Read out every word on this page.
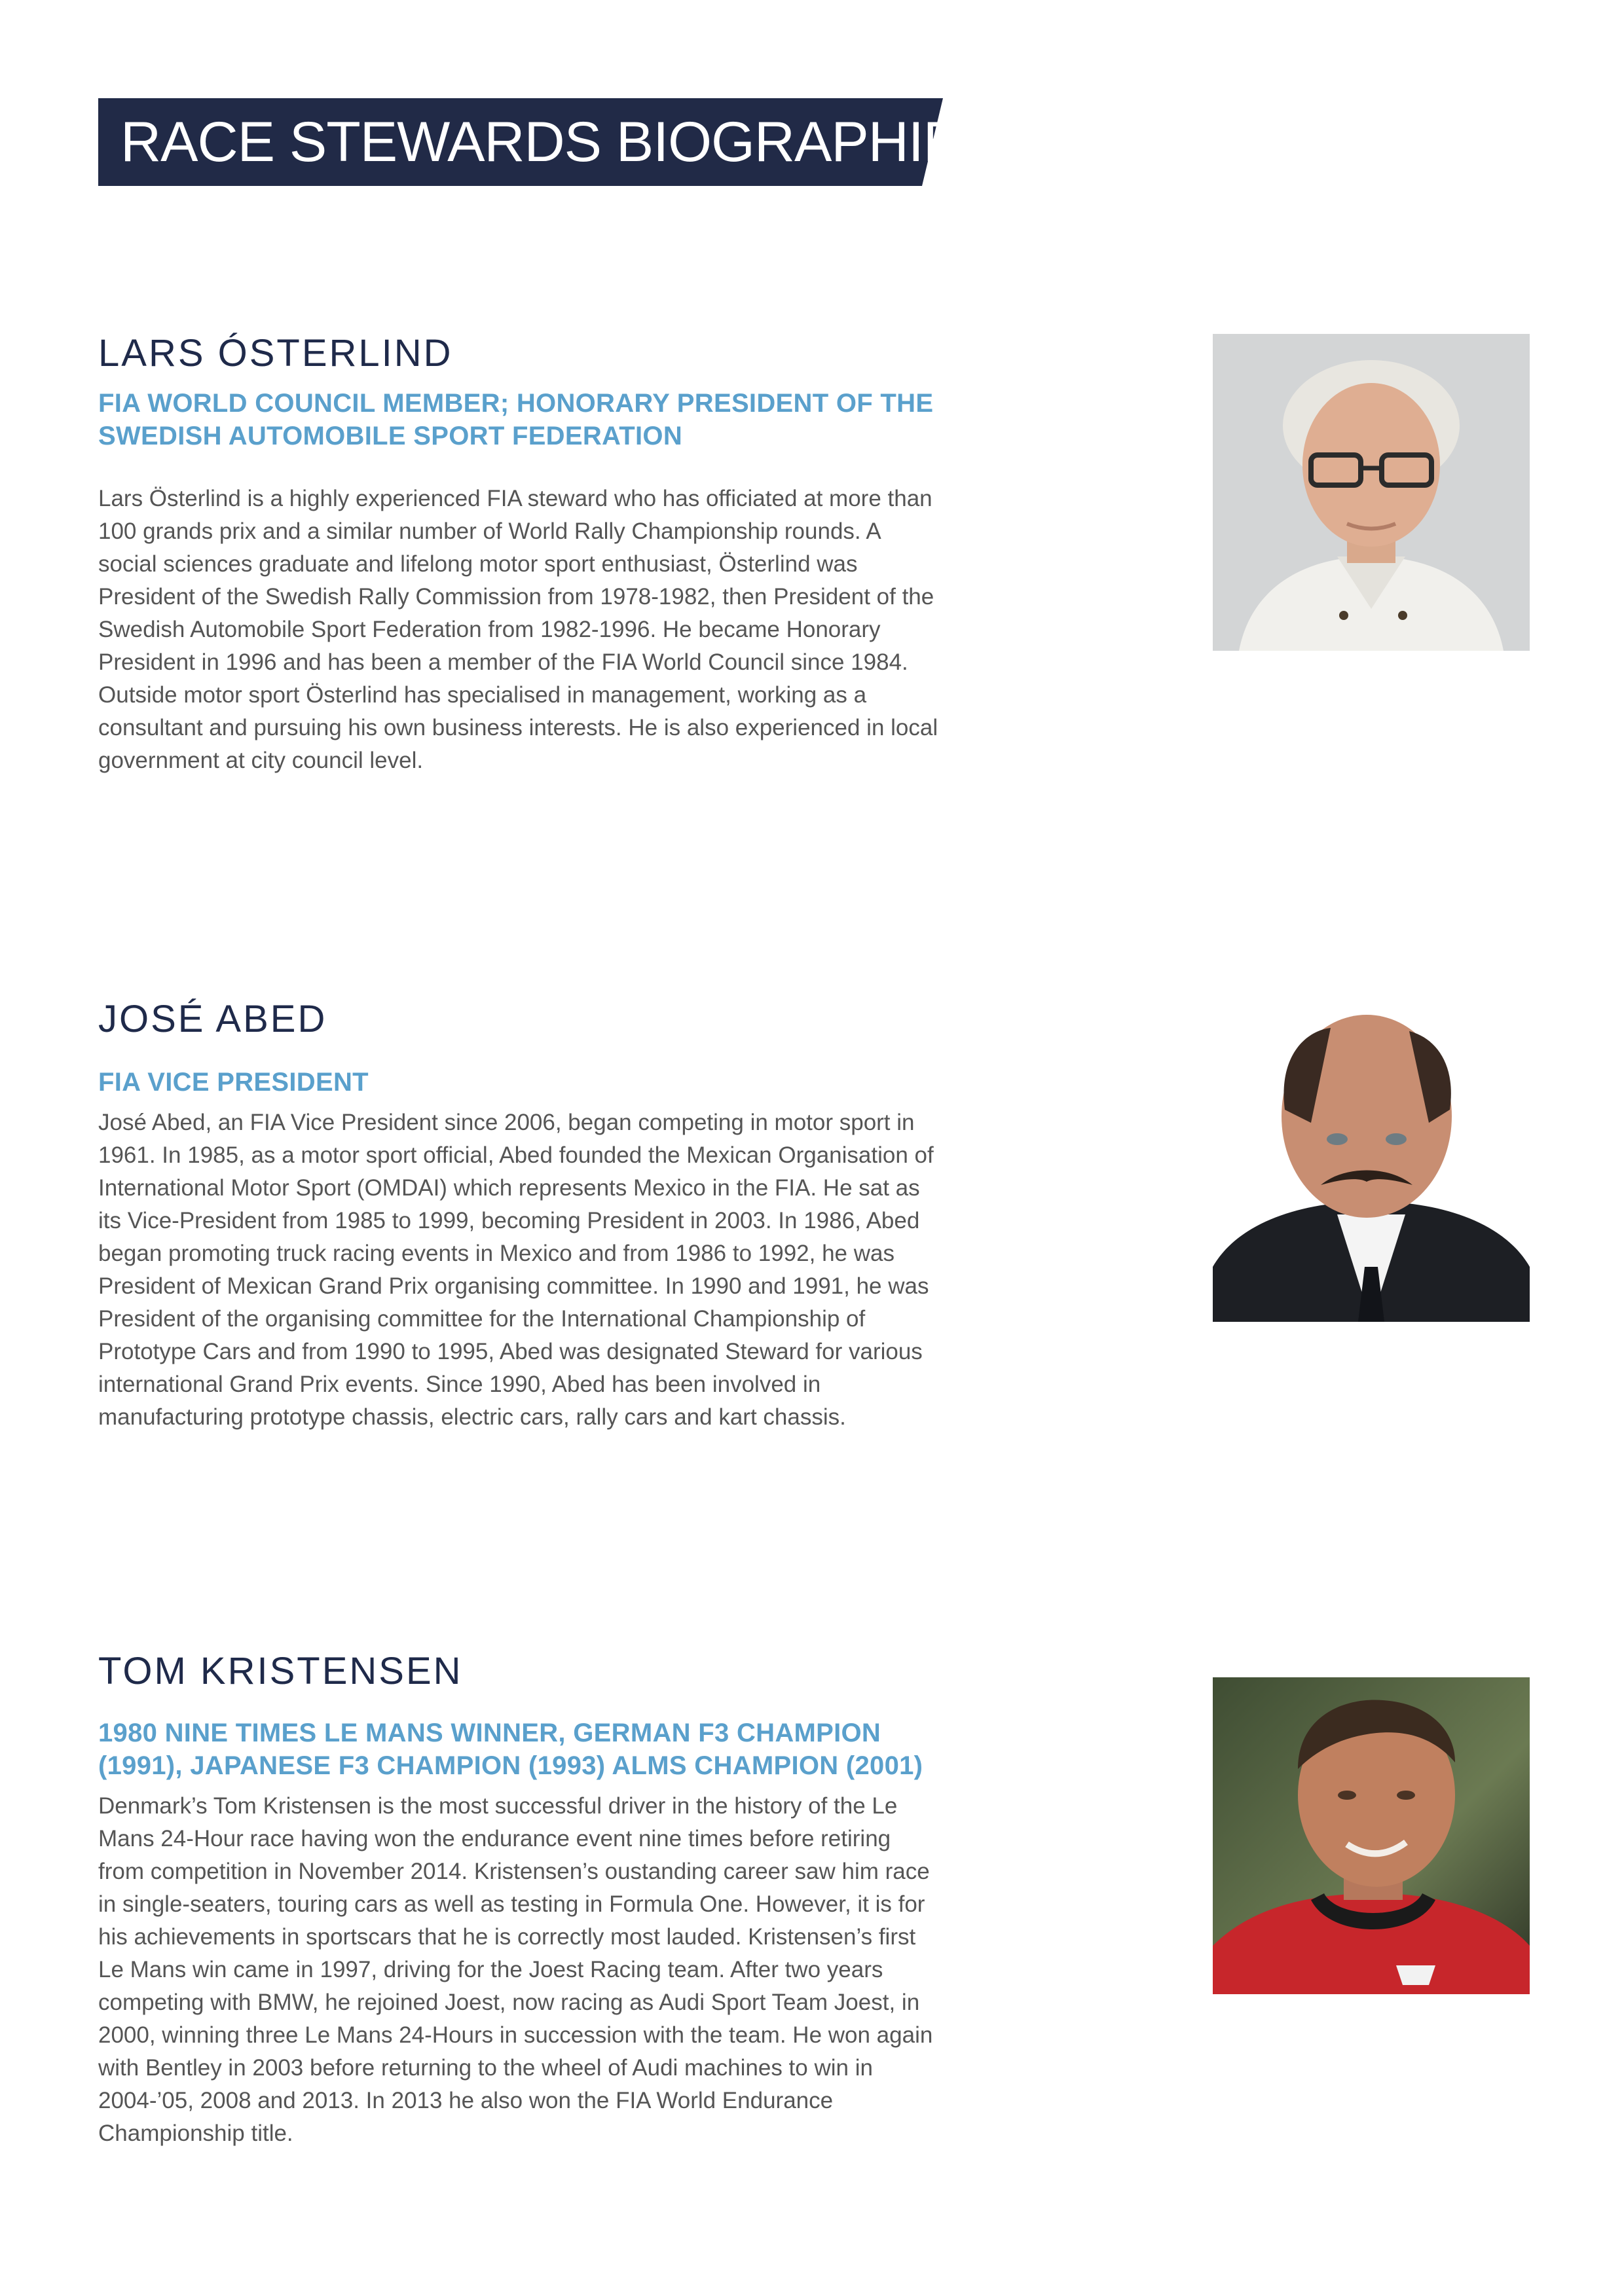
RACE STEWARDS BIOGRAPHIES
LARS ÓSTERLIND
FIA WORLD COUNCIL MEMBER; HONORARY PRESIDENT OF THE SWEDISH AUTOMOBILE SPORT FEDERATION

Lars Österlind is a highly experienced FIA steward who has officiated at more than 100 grands prix and a similar number of World Rally Championship rounds. A social sciences graduate and lifelong motor sport enthusiast, Österlind was President of the Swedish Rally Commission from 1978-1982, then President of the Swedish Automobile Sport Federation from 1982-1996. He became Honorary President in 1996 and has been a member of the FIA World Council since 1984. Outside motor sport Österlind has specialised in management, working as a consultant and pursuing his own business interests. He is also experienced in local government at city council level.

JOSÉ ABED
FIA VICE PRESIDENT

José Abed, an FIA Vice President since 2006, began competing in motor sport in 1961. In 1985, as a motor sport official, Abed founded the Mexican Organisation of International Motor Sport (OMDAI) which represents Mexico in the FIA. He sat as its Vice-President from 1985 to 1999, becoming President in 2003. In 1986, Abed began promoting truck racing events in Mexico and from 1986 to 1992, he was President of Mexican Grand Prix organising committee. In 1990 and 1991, he was President of the organising committee for the International Championship of Prototype Cars and from 1990 to 1995, Abed was designated Steward for various international Grand Prix events. Since 1990, Abed has been involved in manufacturing prototype chassis, electric cars, rally cars and kart chassis.

TOM KRISTENSEN
1980 NINE TIMES LE MANS WINNER, GERMAN F3 CHAMPION (1991), JAPANESE F3 CHAMPION (1993) ALMS CHAMPION (2001)

Denmark’s Tom Kristensen is the most successful driver in the history of the Le Mans 24-Hour race having won the endurance event nine times before retiring from competition in November 2014. Kristensen’s oustanding career saw him race in single-seaters, touring cars as well as testing in Formula One. However, it is for his achievements in sportscars that he is correctly most lauded. Kristensen’s first Le Mans win came in 1997, driving for the Joest Racing team. After two years competing with BMW, he rejoined Joest, now racing as Audi Sport Team Joest, in 2000, winning three Le Mans 24-Hours in succession with the team. He won again with Bentley in 2003 before returning to the wheel of Audi machines to win in 2004-’05, 2008 and 2013. In 2013 he also won the FIA World Endurance Championship title.
